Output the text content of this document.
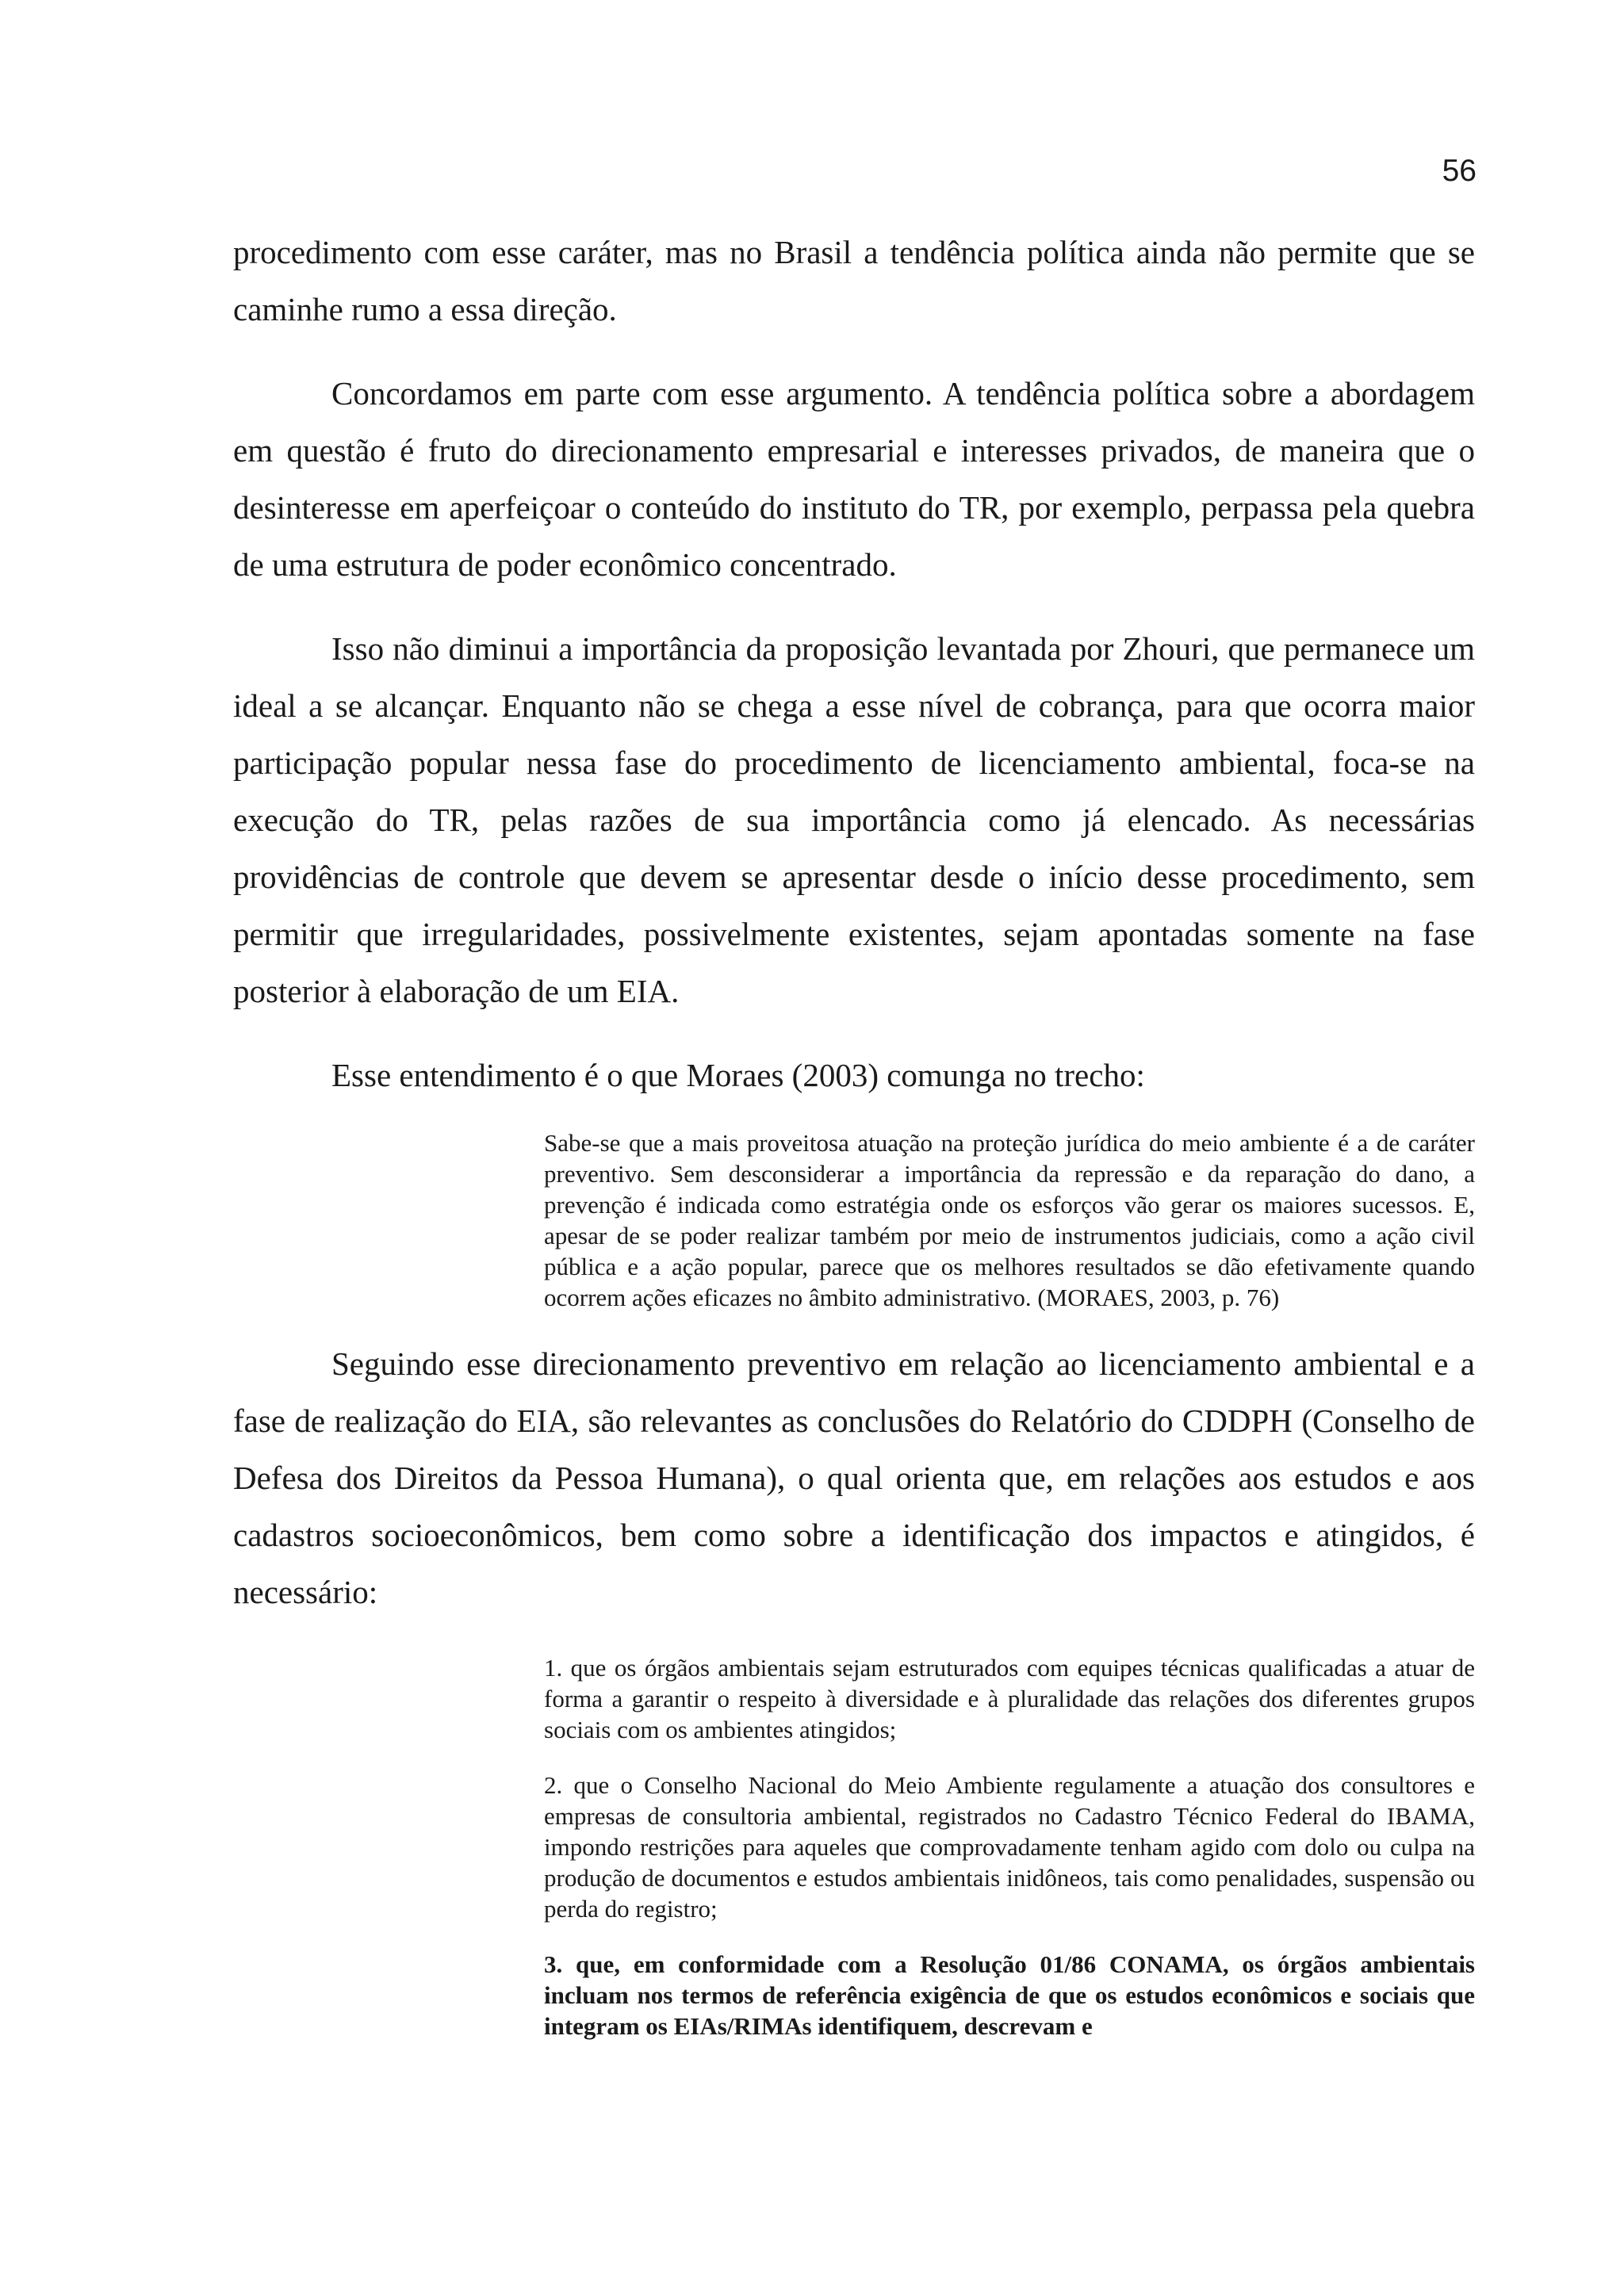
56

procedimento com esse caráter, mas no Brasil a tendência política ainda não permite que se caminhe rumo a essa direção.

Concordamos em parte com esse argumento. A tendência política sobre a abordagem em questão é fruto do direcionamento empresarial e interesses privados, de maneira que o desinteresse em aperfeiçoar o conteúdo do instituto do TR, por exemplo, perpassa pela quebra de uma estrutura de poder econômico concentrado.

Isso não diminui a importância da proposição levantada por Zhouri, que permanece um ideal a se alcançar. Enquanto não se chega a esse nível de cobrança, para que ocorra maior participação popular nessa fase do procedimento de licenciamento ambiental, foca-se na execução do TR, pelas razões de sua importância como já elencado. As necessárias providências de controle que devem se apresentar desde o início desse procedimento, sem permitir que irregularidades, possivelmente existentes, sejam apontadas somente na fase posterior à elaboração de um EIA.

Esse entendimento é o que Moraes (2003) comunga no trecho:

Sabe-se que a mais proveitosa atuação na proteção jurídica do meio ambiente é a de caráter preventivo. Sem desconsiderar a importância da repressão e da reparação do dano, a prevenção é indicada como estratégia onde os esforços vão gerar os maiores sucessos. E, apesar de se poder realizar também por meio de instrumentos judiciais, como a ação civil pública e a ação popular, parece que os melhores resultados se dão efetivamente quando ocorrem ações eficazes no âmbito administrativo. (MORAES, 2003, p. 76)

Seguindo esse direcionamento preventivo em relação ao licenciamento ambiental e a fase de realização do EIA, são relevantes as conclusões do Relatório do CDDPH (Conselho de Defesa dos Direitos da Pessoa Humana), o qual orienta que, em relações aos estudos e aos cadastros socioeconômicos, bem como sobre a identificação dos impactos e atingidos, é necessário:

1. que os órgãos ambientais sejam estruturados com equipes técnicas qualificadas a atuar de forma a garantir o respeito à diversidade e à pluralidade das relações dos diferentes grupos sociais com os ambientes atingidos;

2. que o Conselho Nacional do Meio Ambiente regulamente a atuação dos consultores e empresas de consultoria ambiental, registrados no Cadastro Técnico Federal do IBAMA, impondo restrições para aqueles que comprovadamente tenham agido com dolo ou culpa na produção de documentos e estudos ambientais inidôneos, tais como penalidades, suspensão ou perda do registro;

3. que, em conformidade com a Resolução 01/86 CONAMA, os órgãos ambientais incluam nos termos de referência exigência de que os estudos econômicos e sociais que integram os EIAs/RIMAs identifiquem, descrevam e
